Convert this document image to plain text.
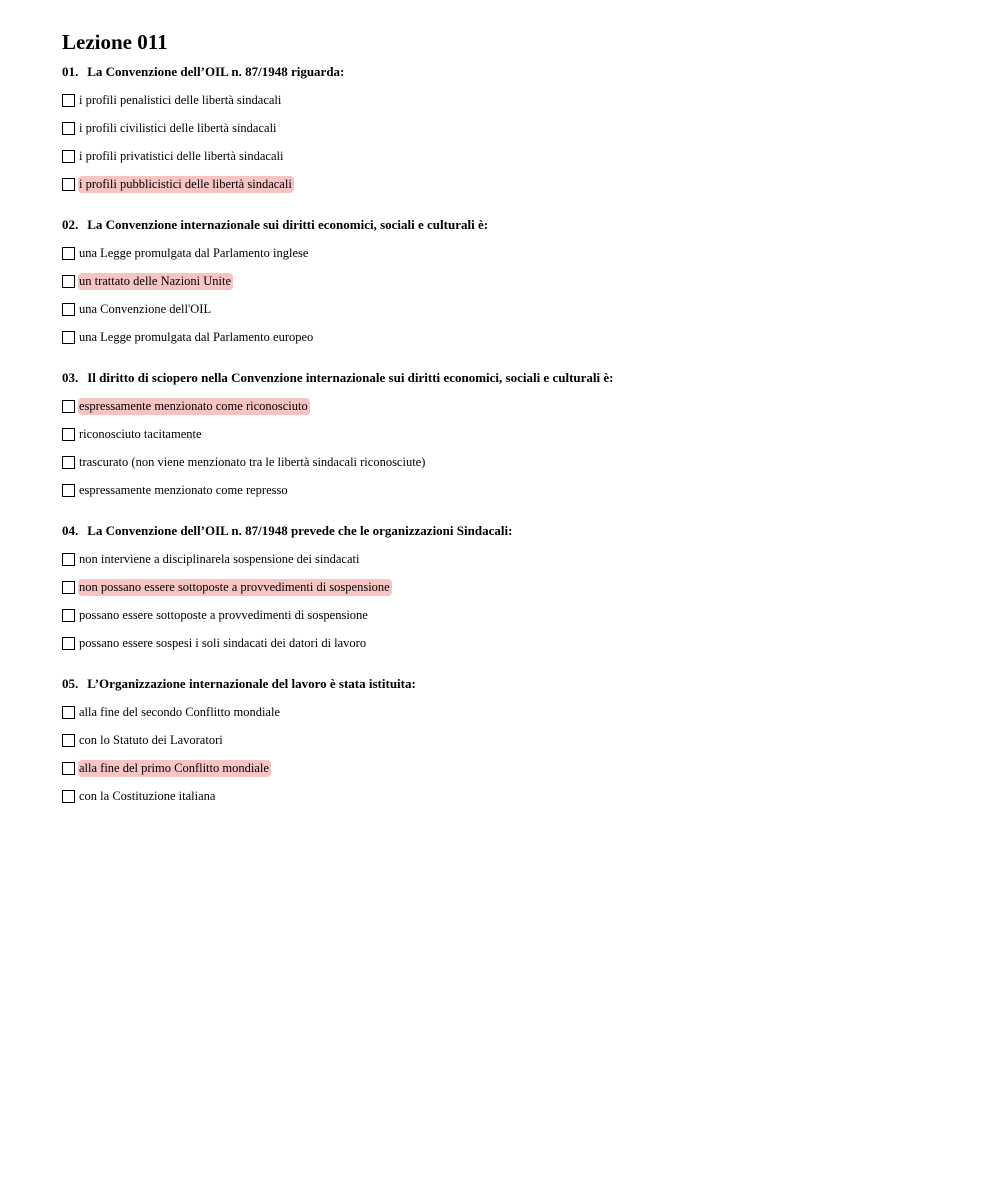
Lezione 011
01. La Convenzione dell’OIL n. 87/1948 riguarda:
i profili penalistici delle libertà sindacali
i profili civilistici delle libertà sindacali
i profili privatistici delle libertà sindacali
i profili pubblicistici delle libertà sindacali
02. La Convenzione internazionale sui diritti economici, sociali e culturali è:
una Legge promulgata dal Parlamento inglese
un trattato delle Nazioni Unite
una Convenzione dell'OIL
una Legge promulgata dal Parlamento europeo
03. Il diritto di sciopero nella Convenzione internazionale sui diritti economici, sociali e culturali è:
espressamente menzionato come riconosciuto
riconosciuto tacitamente
trascurato (non viene menzionato tra le libertà sindacali riconosciute)
espressamente menzionato come represso
04. La Convenzione dell’OIL n. 87/1948 prevede che le organizzazioni Sindacali:
non interviene a disciplinarela sospensione dei sindacati
non possano essere sottoposte a provvedimenti di sospensione
possano essere sottoposte a provvedimenti di sospensione
possano essere sospesi i soli sindacati dei datori di lavoro
05. L’Organizzazione internazionale del lavoro è stata istituita:
alla fine del secondo Conflitto mondiale
con lo Statuto dei Lavoratori
alla fine del primo Conflitto mondiale
con la Costituzione italiana
